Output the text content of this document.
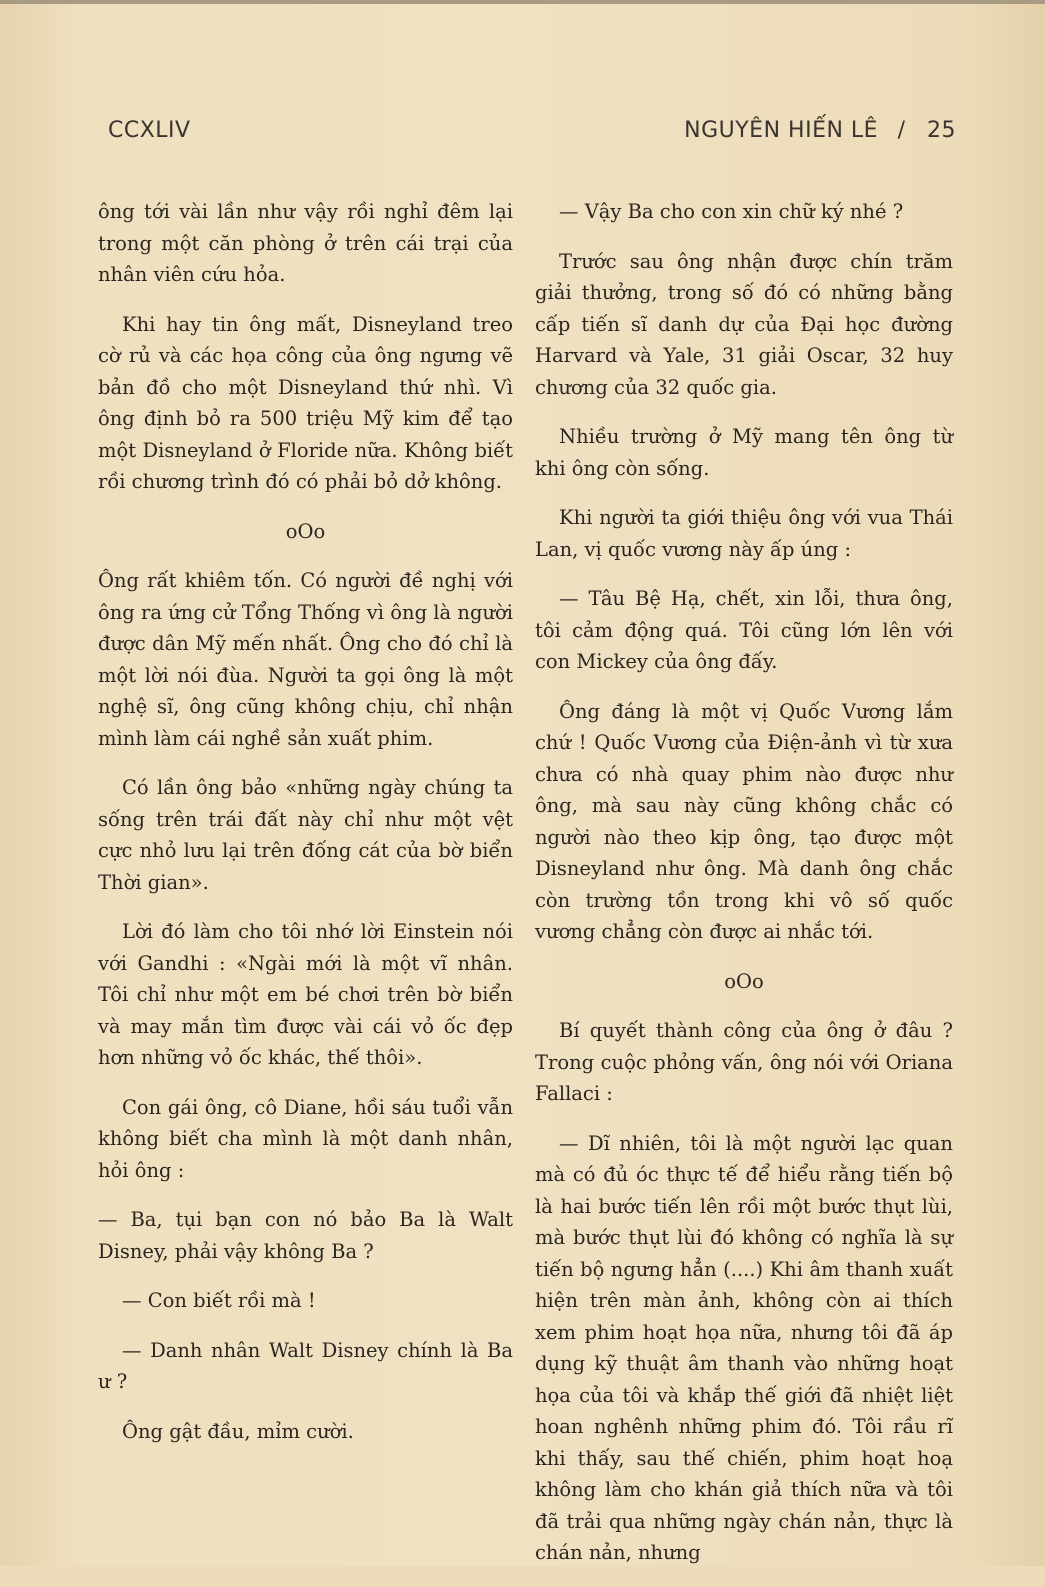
CCXLIV	NGUYÊN HIẾN LÊ / 25

ông tới vài lần như vậy rồi nghỉ đêm lại trong một căn phòng ở trên cái trại của nhân viên cứu hỏa.

Khi hay tin ông mất, Disneyland treo cờ rủ và các họa công của ông ngưng vẽ bản đồ cho một Disneyland thứ nhì. Vì ông định bỏ ra 500 triệu Mỹ kim để tạo một Disneyland ở Floride nữa. Không biết rồi chương trình đó có phải bỏ dở không.

oOo

Ông rất khiêm tốn. Có người đề nghị với ông ra ứng cử Tổng Thống vì ông là người được dân Mỹ mến nhất. Ông cho đó chỉ là một lời nói đùa. Người ta gọi ông là một nghệ sĩ, ông cũng không chịu, chỉ nhận mình làm cái nghề sản xuất phim.

Có lần ông bảo «những ngày chúng ta sống trên trái đất này chỉ như một vệt cực nhỏ lưu lại trên đống cát của bờ biển Thời gian».

Lời đó làm cho tôi nhớ lời Einstein nói với Gandhi : «Ngài mới là một vĩ nhân. Tôi chỉ như một em bé chơi trên bờ biển và may mắn tìm được vài cái vỏ ốc đẹp hơn những vỏ ốc khác, thế thôi».

Con gái ông, cô Diane, hồi sáu tuổi vẫn không biết cha mình là một danh nhân, hỏi ông :

— Ba, tụi bạn con nó bảo Ba là Walt Disney, phải vậy không Ba ?

— Con biết rồi mà !

— Danh nhân Walt Disney chính là Ba ư ?

Ông gật đầu, mỉm cười.

— Vậy Ba cho con xin chữ ký nhé ?

Trước sau ông nhận được chín trăm giải thưởng, trong số đó có những bằng cấp tiến sĩ danh dự của Đại học đường Harvard và Yale, 31 giải Oscar, 32 huy chương của 32 quốc gia.

Nhiều trường ở Mỹ mang tên ông từ khi ông còn sống.

Khi người ta giới thiệu ông với vua Thái Lan, vị quốc vương này ấp úng :

— Tâu Bệ Hạ, chết, xin lỗi, thưa ông, tôi cảm động quá. Tôi cũng lớn lên với con Mickey của ông đấy.

Ông đáng là một vị Quốc Vương lắm chứ ! Quốc Vương của Điện-ảnh vì từ xưa chưa có nhà quay phim nào được như ông, mà sau này cũng không chắc có người nào theo kịp ông, tạo được một Disneyland như ông. Mà danh ông chắc còn trường tồn trong khi vô số quốc vương chẳng còn được ai nhắc tới.

oOo

Bí quyết thành công của ông ở đâu ? Trong cuộc phỏng vấn, ông nói với Oriana Fallaci :

— Dĩ nhiên, tôi là một người lạc quan mà có đủ óc thực tế để hiểu rằng tiến bộ là hai bước tiến lên rồi một bước thụt lùi, mà bước thụt lùi đó không có nghĩa là sự tiến bộ ngưng hẳn (....) Khi âm thanh xuất hiện trên màn ảnh, không còn ai thích xem phim hoạt họa nữa, nhưng tôi đã áp dụng kỹ thuật âm thanh vào những hoạt họa của tôi và khắp thế giới đã nhiệt liệt hoan nghênh những phim đó. Tôi rầu rĩ khi thấy, sau thế chiến, phim hoạt hoạ không làm cho khán giả thích nữa và tôi đã trải qua những ngày chán nản, thực là chán nản, nhưng
